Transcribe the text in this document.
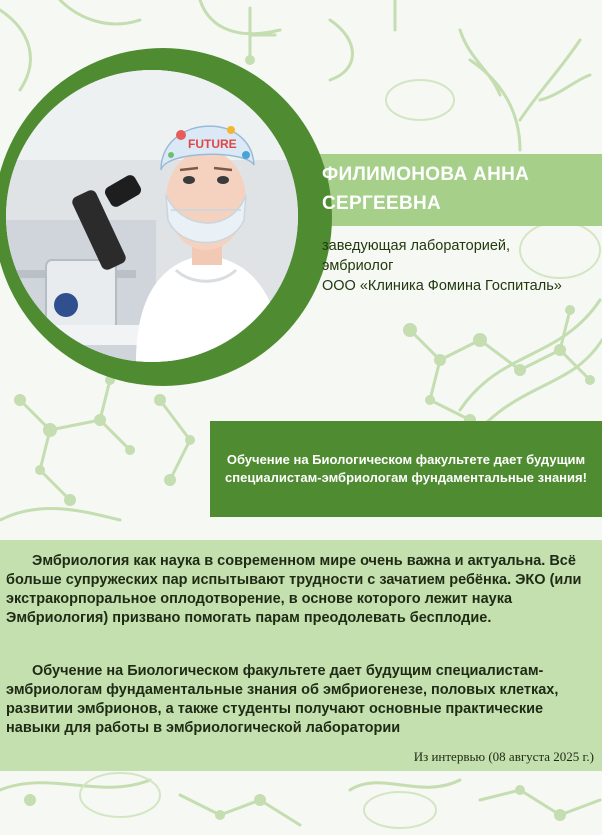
FUTURE
ФИЛИМОНОВА АННА
СЕРГЕЕВНА
заведующая лабораторией,
эмбриолог
ООО «Клиника Фомина Госпиталь»
Обучение на Биологическом факультете дает будущим
специалистам-эмбриологам фундаментальные знания!

Эмбриология как наука в современном мире очень важна и актуальна. Всё больше супружеских пар испытывают трудности с зачатием ребёнка. ЭКО (или экстракорпоральное оплодотворение, в основе которого лежит наука Эмбриология) призвано помогать парам преодолевать бесплодие.

Обучение на Биологическом факультете дает будущим специалистам-эмбриологам фундаментальные знания об эмбриогенезе, половых клетках, развитии эмбрионов, а также студенты получают основные практические навыки для работы в эмбриологической лаборатории

Из интервью (08 августа 2025 г.)
